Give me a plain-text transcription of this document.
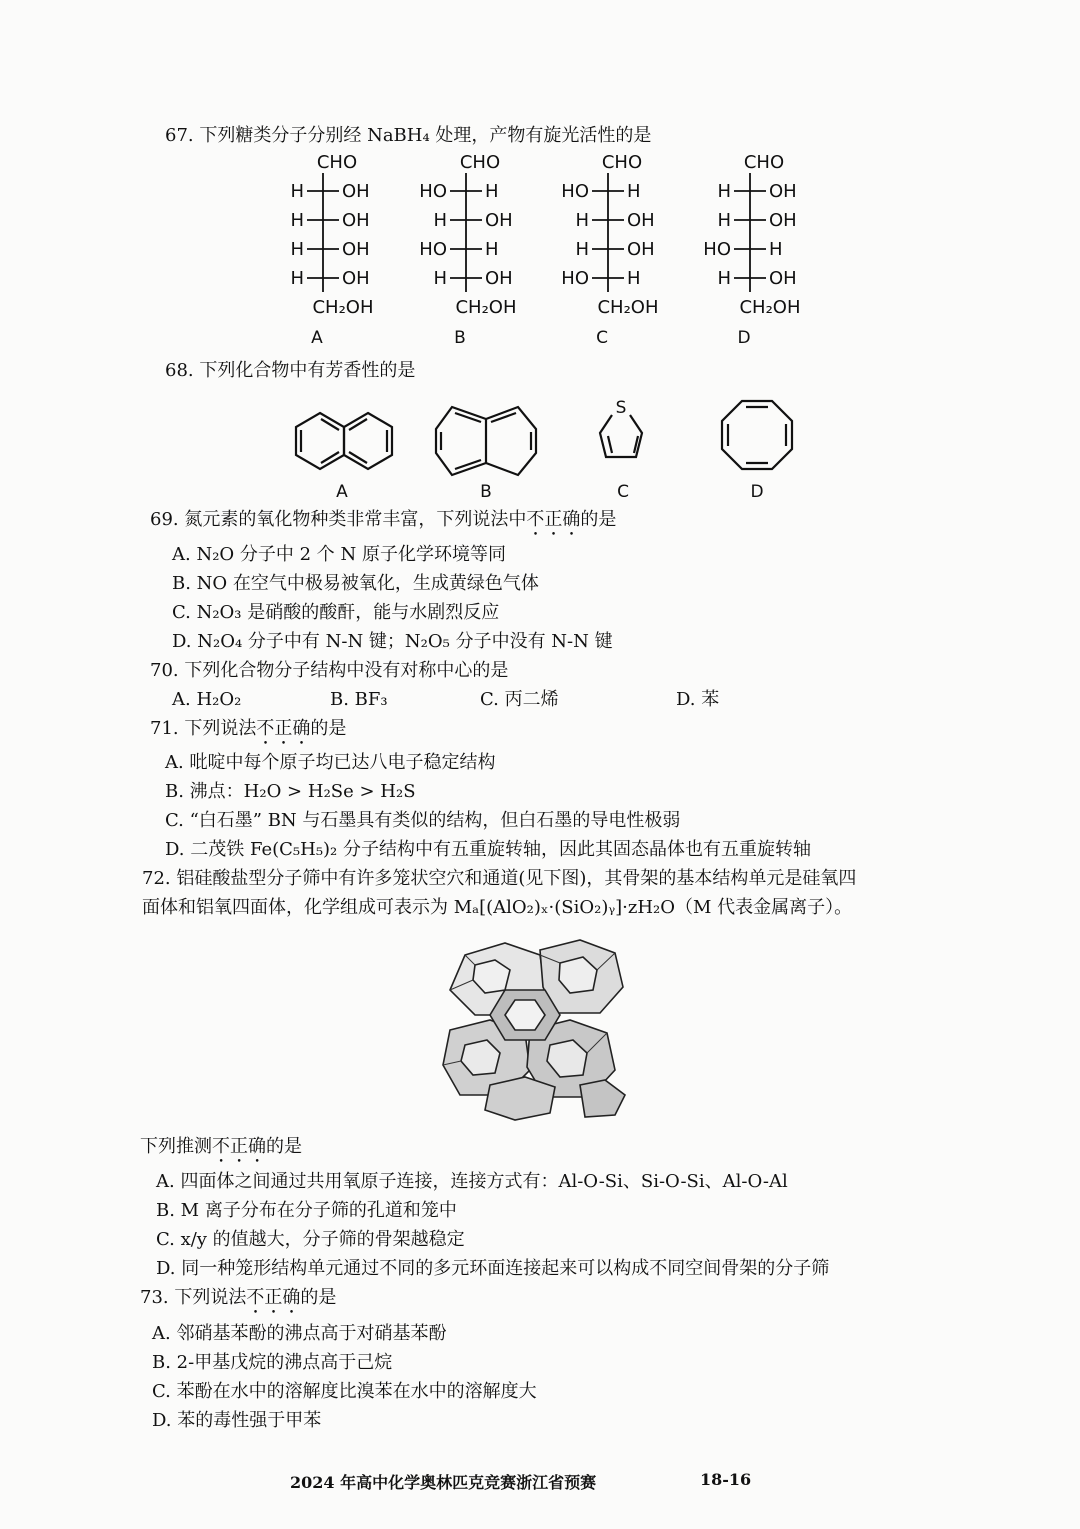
67. 下列糖类分子分别经 NaBH₄ 处理，产物有旋光活性的是
CHO
H OH
H OH
H OH
H OH
CH₂OH
A
CHO
HO H
H OH
HO H
H OH
CH₂OH
B
CHO
HO H
H OH
H OH
HO H
CH₂OH
C
CHO
H OH
H OH
HO H
H OH
CH₂OH
D
68. 下列化合物中有芳香性的是
S
A	B	C	D
69. 氮元素的氧化物种类非常丰富，下列说法中不正确的是
A. N₂O 分子中 2 个 N 原子化学环境等同
B. NO 在空气中极易被氧化，生成黄绿色气体
C. N₂O₃ 是硝酸的酸酐，能与水剧烈反应
D. N₂O₄ 分子中有 N-N 键；N₂O₅ 分子中没有 N-N 键
70. 下列化合物分子结构中没有对称中心的是
A. H₂O₂	B. BF₃	C. 丙二烯	D. 苯
71. 下列说法不正确的是
A. 吡啶中每个原子均已达八电子稳定结构
B. 沸点：H₂O > H₂Se > H₂S
C. “白石墨” BN 与石墨具有类似的结构，但白石墨的导电性极弱
D. 二茂铁 Fe(C₅H₅)₂ 分子结构中有五重旋转轴，因此其固态晶体也有五重旋转轴
72. 铝硅酸盐型分子筛中有许多笼状空穴和通道(见下图)，其骨架的基本结构单元是硅氧四
面体和铝氧四面体，化学组成可表示为 Mₐ[(AlO₂)ₓ·(SiO₂)ᵧ]·zH₂O（M 代表金属离子）。
下列推测不正确的是
A. 四面体之间通过共用氧原子连接，连接方式有：Al-O-Si、Si-O-Si、Al-O-Al
B. M 离子分布在分子筛的孔道和笼中
C. x/y 的值越大，分子筛的骨架越稳定
D. 同一种笼形结构单元通过不同的多元环面连接起来可以构成不同空间骨架的分子筛
73. 下列说法不正确的是
A. 邻硝基苯酚的沸点高于对硝基苯酚
B. 2-甲基戊烷的沸点高于己烷
C. 苯酚在水中的溶解度比溴苯在水中的溶解度大
D. 苯的毒性强于甲苯
2024 年高中化学奥林匹克竞赛浙江省预赛	18-16
